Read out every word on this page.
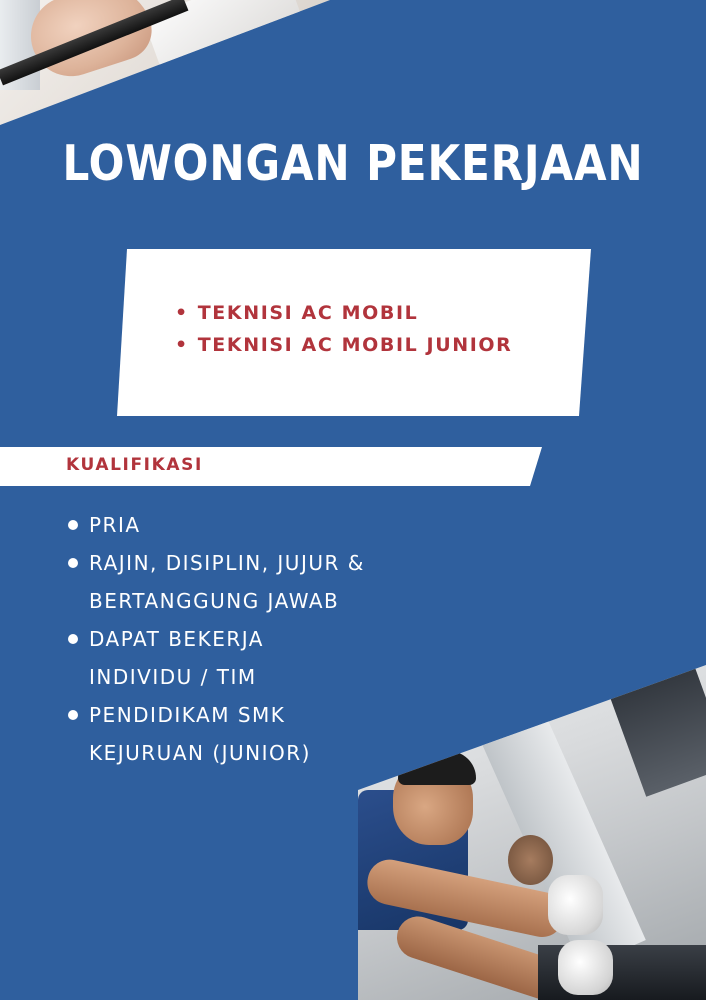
LOWONGAN PEKERJAAN
• TEKNISI AC MOBIL
• TEKNISI AC MOBIL JUNIOR
KUALIFIKASI
PRIA
RAJIN, DISIPLIN, JUJUR &
BERTANGGUNG JAWAB
DAPAT BEKERJA
INDIVIDU / TIM
PENDIDIKAM SMK
KEJURUAN (JUNIOR)
